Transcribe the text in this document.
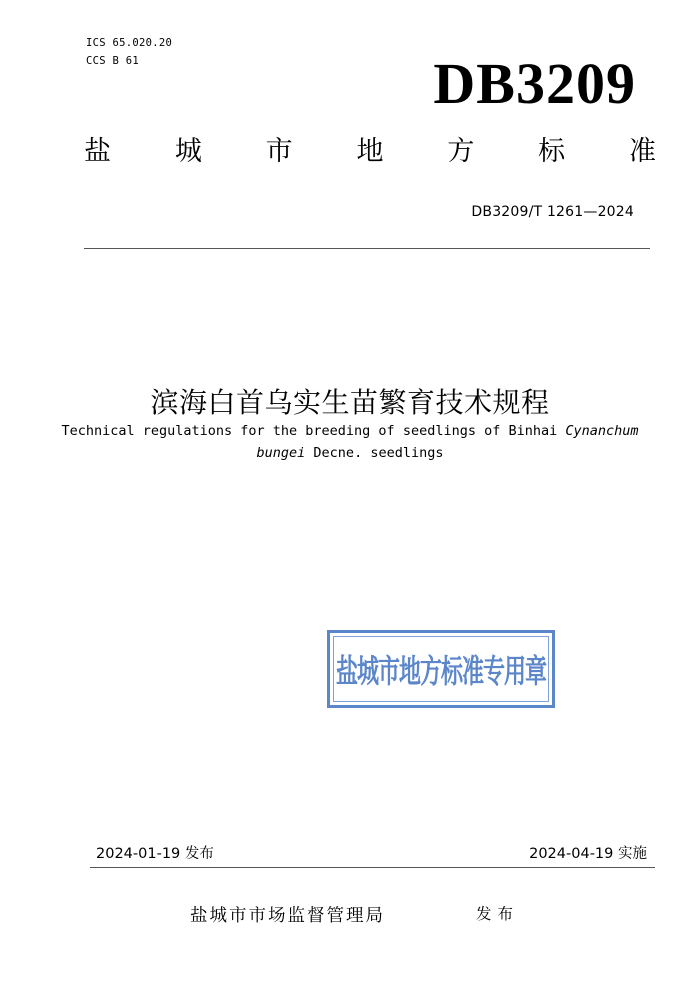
ICS 65.020.20
CCS B 61	DB3209
盐 城 市 地 方 标 准
DB3209/T 1261—2024
滨海白首乌实生苗繁育技术规程
Technical regulations for the breeding of seedlings of Binhai Cynanchum
bungei Decne. seedlings
盐城市地方标准专用章
2024-01-19 发布	2024-04-19 实施
盐城市市场监督管理局	发布
